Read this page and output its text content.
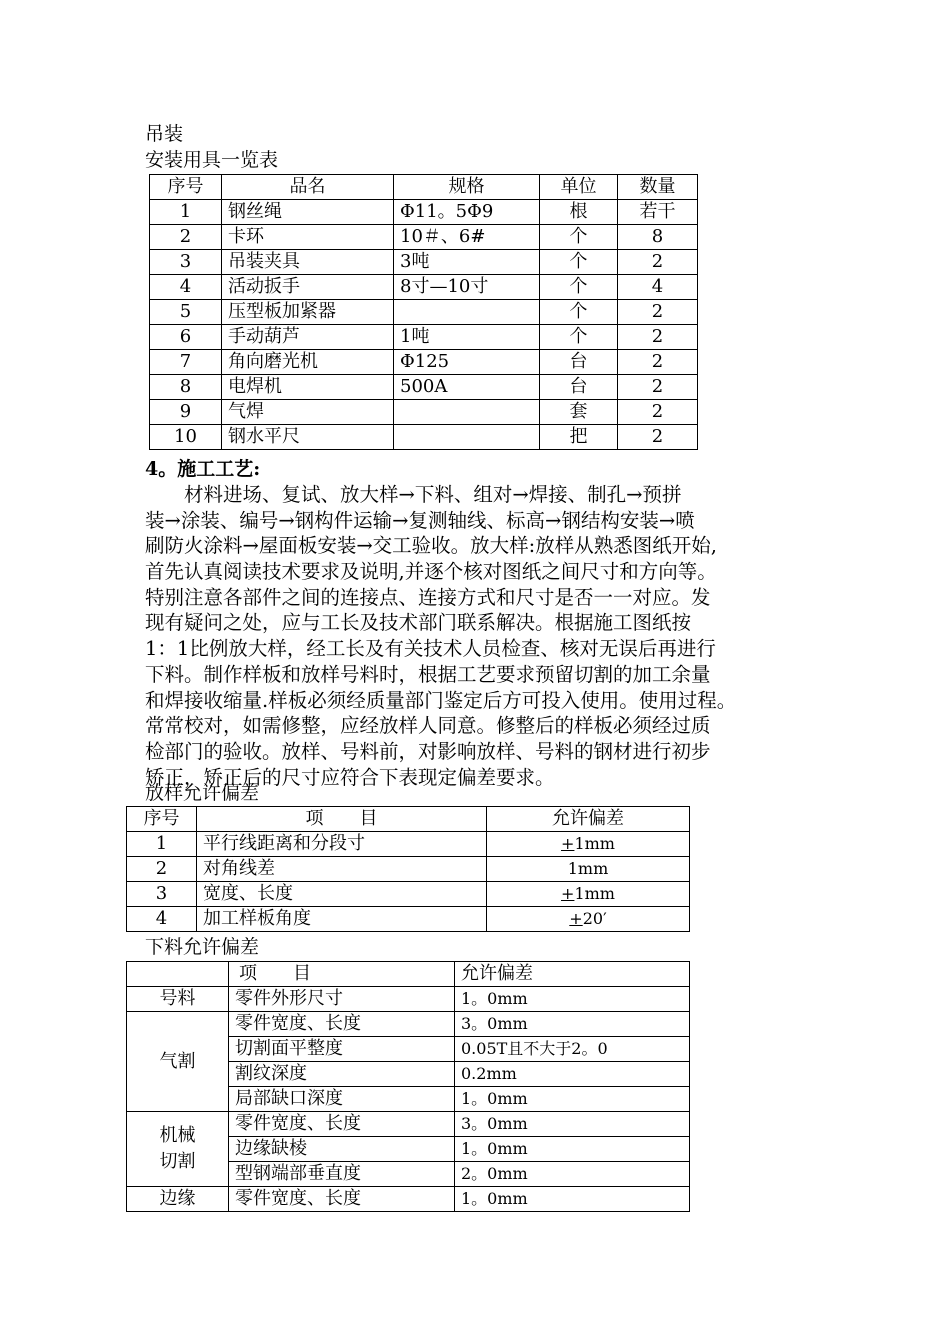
吊装
安装用具一览表
序号	品名	规格	单位	数量
1	钢丝绳	Φ11。5Φ9	根	若干
2	卡环	10＃、6#	个	8
3	吊装夹具	3吨	个	2
4	活动扳手	8寸—10寸	个	4
5	压型板加紧器		个	2
6	手动葫芦	1吨	个	2
7	角向磨光机	Φ125	台	2
8	电焊机	500A	台	2
9	气焊		套	2
10	钢水平尺		把	2
4。施工工艺:
　　材料进场、复试、放大样→下料、组对→焊接、制孔→预拼
装→涂装、编号→钢构件运输→复测轴线、标高→钢结构安装→喷
刷防火涂料→屋面板安装→交工验收。放大样:放样从熟悉图纸开始,
首先认真阅读技术要求及说明,并逐个核对图纸之间尺寸和方向等。
特别注意各部件之间的连接点、连接方式和尺寸是否一一对应。发
现有疑问之处，应与工长及技术部门联系解决。根据施工图纸按
1：1比例放大样，经工长及有关技术人员检查、核对无误后再进行
下料。制作样板和放样号料时，根据工艺要求预留切割的加工余量
和焊接收缩量.样板必须经质量部门鉴定后方可投入使用。使用过程。
常常校对，如需修整，应经放样人同意。修整后的样板必须经过质
检部门的验收。放样、号料前，对影响放样、号料的钢材进行初步
矫正，矫正后的尺寸应符合下表现定偏差要求。
放样允许偏差
序号	项　　目	允许偏差
1	平行线距离和分段寸	+1mm
2	对角线差	1mm
3	宽度、长度	+1mm
4	加工样板角度	+20′
下料允许偏差
	项　　目	允许偏差
号料	零件外形尺寸	1。0mm
气割	零件宽度、长度	3。0mm
	切割面平整度	0.05T且不大于2。0
	割纹深度	0.2mm
	局部缺口深度	1。0mm

机械
切割	零件宽度、长度	3。0mm
	边缘缺棱	1。0mm
	型钢端部垂直度	2。0mm
边缘	零件宽度、长度	1。0mm
